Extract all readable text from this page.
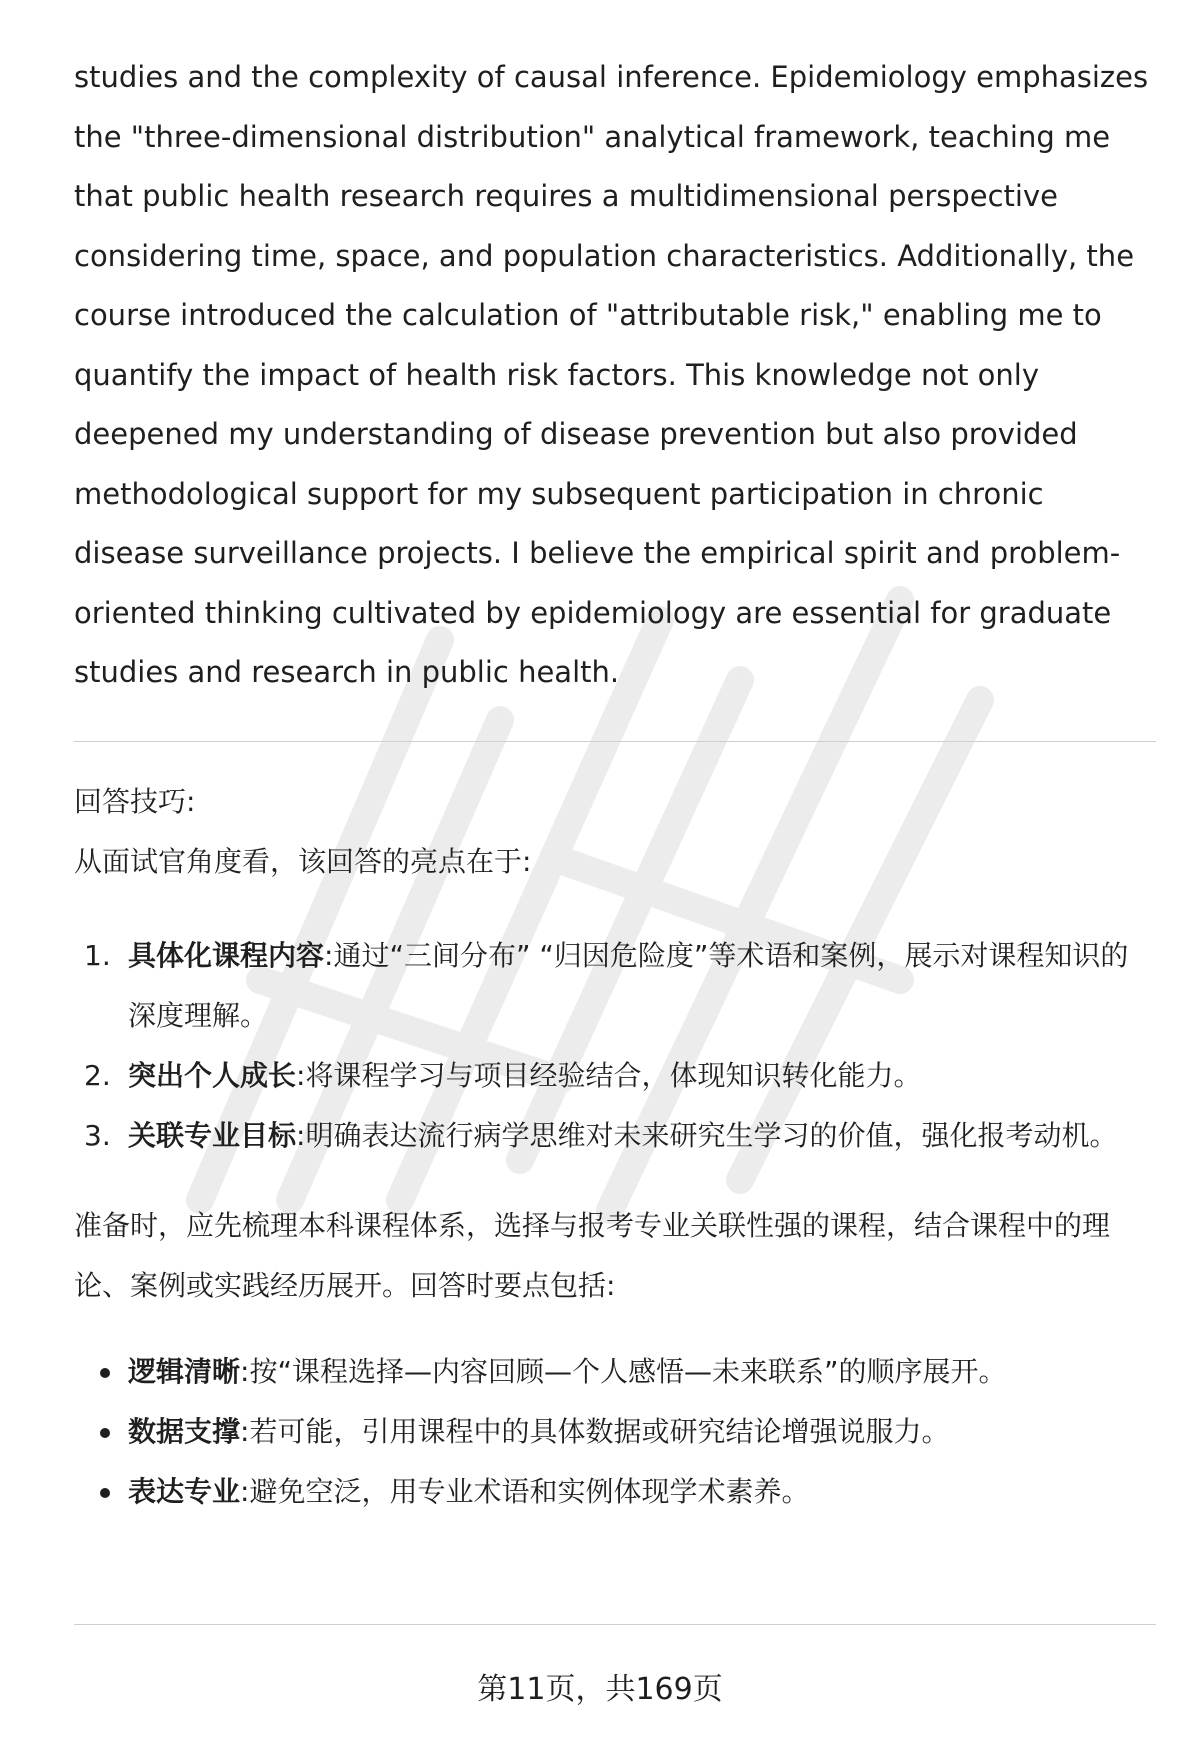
studies and the complexity of causal inference. Epidemiology emphasizes the "three-dimensional distribution" analytical framework, teaching me that public health research requires a multidimensional perspective considering time, space, and population characteristics. Additionally, the course introduced the calculation of "attributable risk," enabling me to quantify the impact of health risk factors. This knowledge not only deepened my understanding of disease prevention but also provided methodological support for my subsequent participation in chronic disease surveillance projects. I believe the empirical spirit and problem-oriented thinking cultivated by epidemiology are essential for graduate studies and research in public health.

回答技巧:

从面试官角度看，该回答的亮点在于:

1. 具体化课程内容:通过“三间分布” “归因危险度”等术语和案例，展示对课程知识的深度理解。
2. 突出个人成长:将课程学习与项目经验结合，体现知识转化能力。
3. 关联专业目标:明确表达流行病学思维对未来研究生学习的价值，强化报考动机。

准备时，应先梳理本科课程体系，选择与报考专业关联性强的课程，结合课程中的理论、案例或实践经历展开。回答时要点包括:

逻辑清晰:按“课程选择—内容回顾—个人感悟—未来联系”的顺序展开。
数据支撑:若可能，引用课程中的具体数据或研究结论增强说服力。
表达专业:避免空泛，用专业术语和实例体现学术素养。
第11页，共169页
